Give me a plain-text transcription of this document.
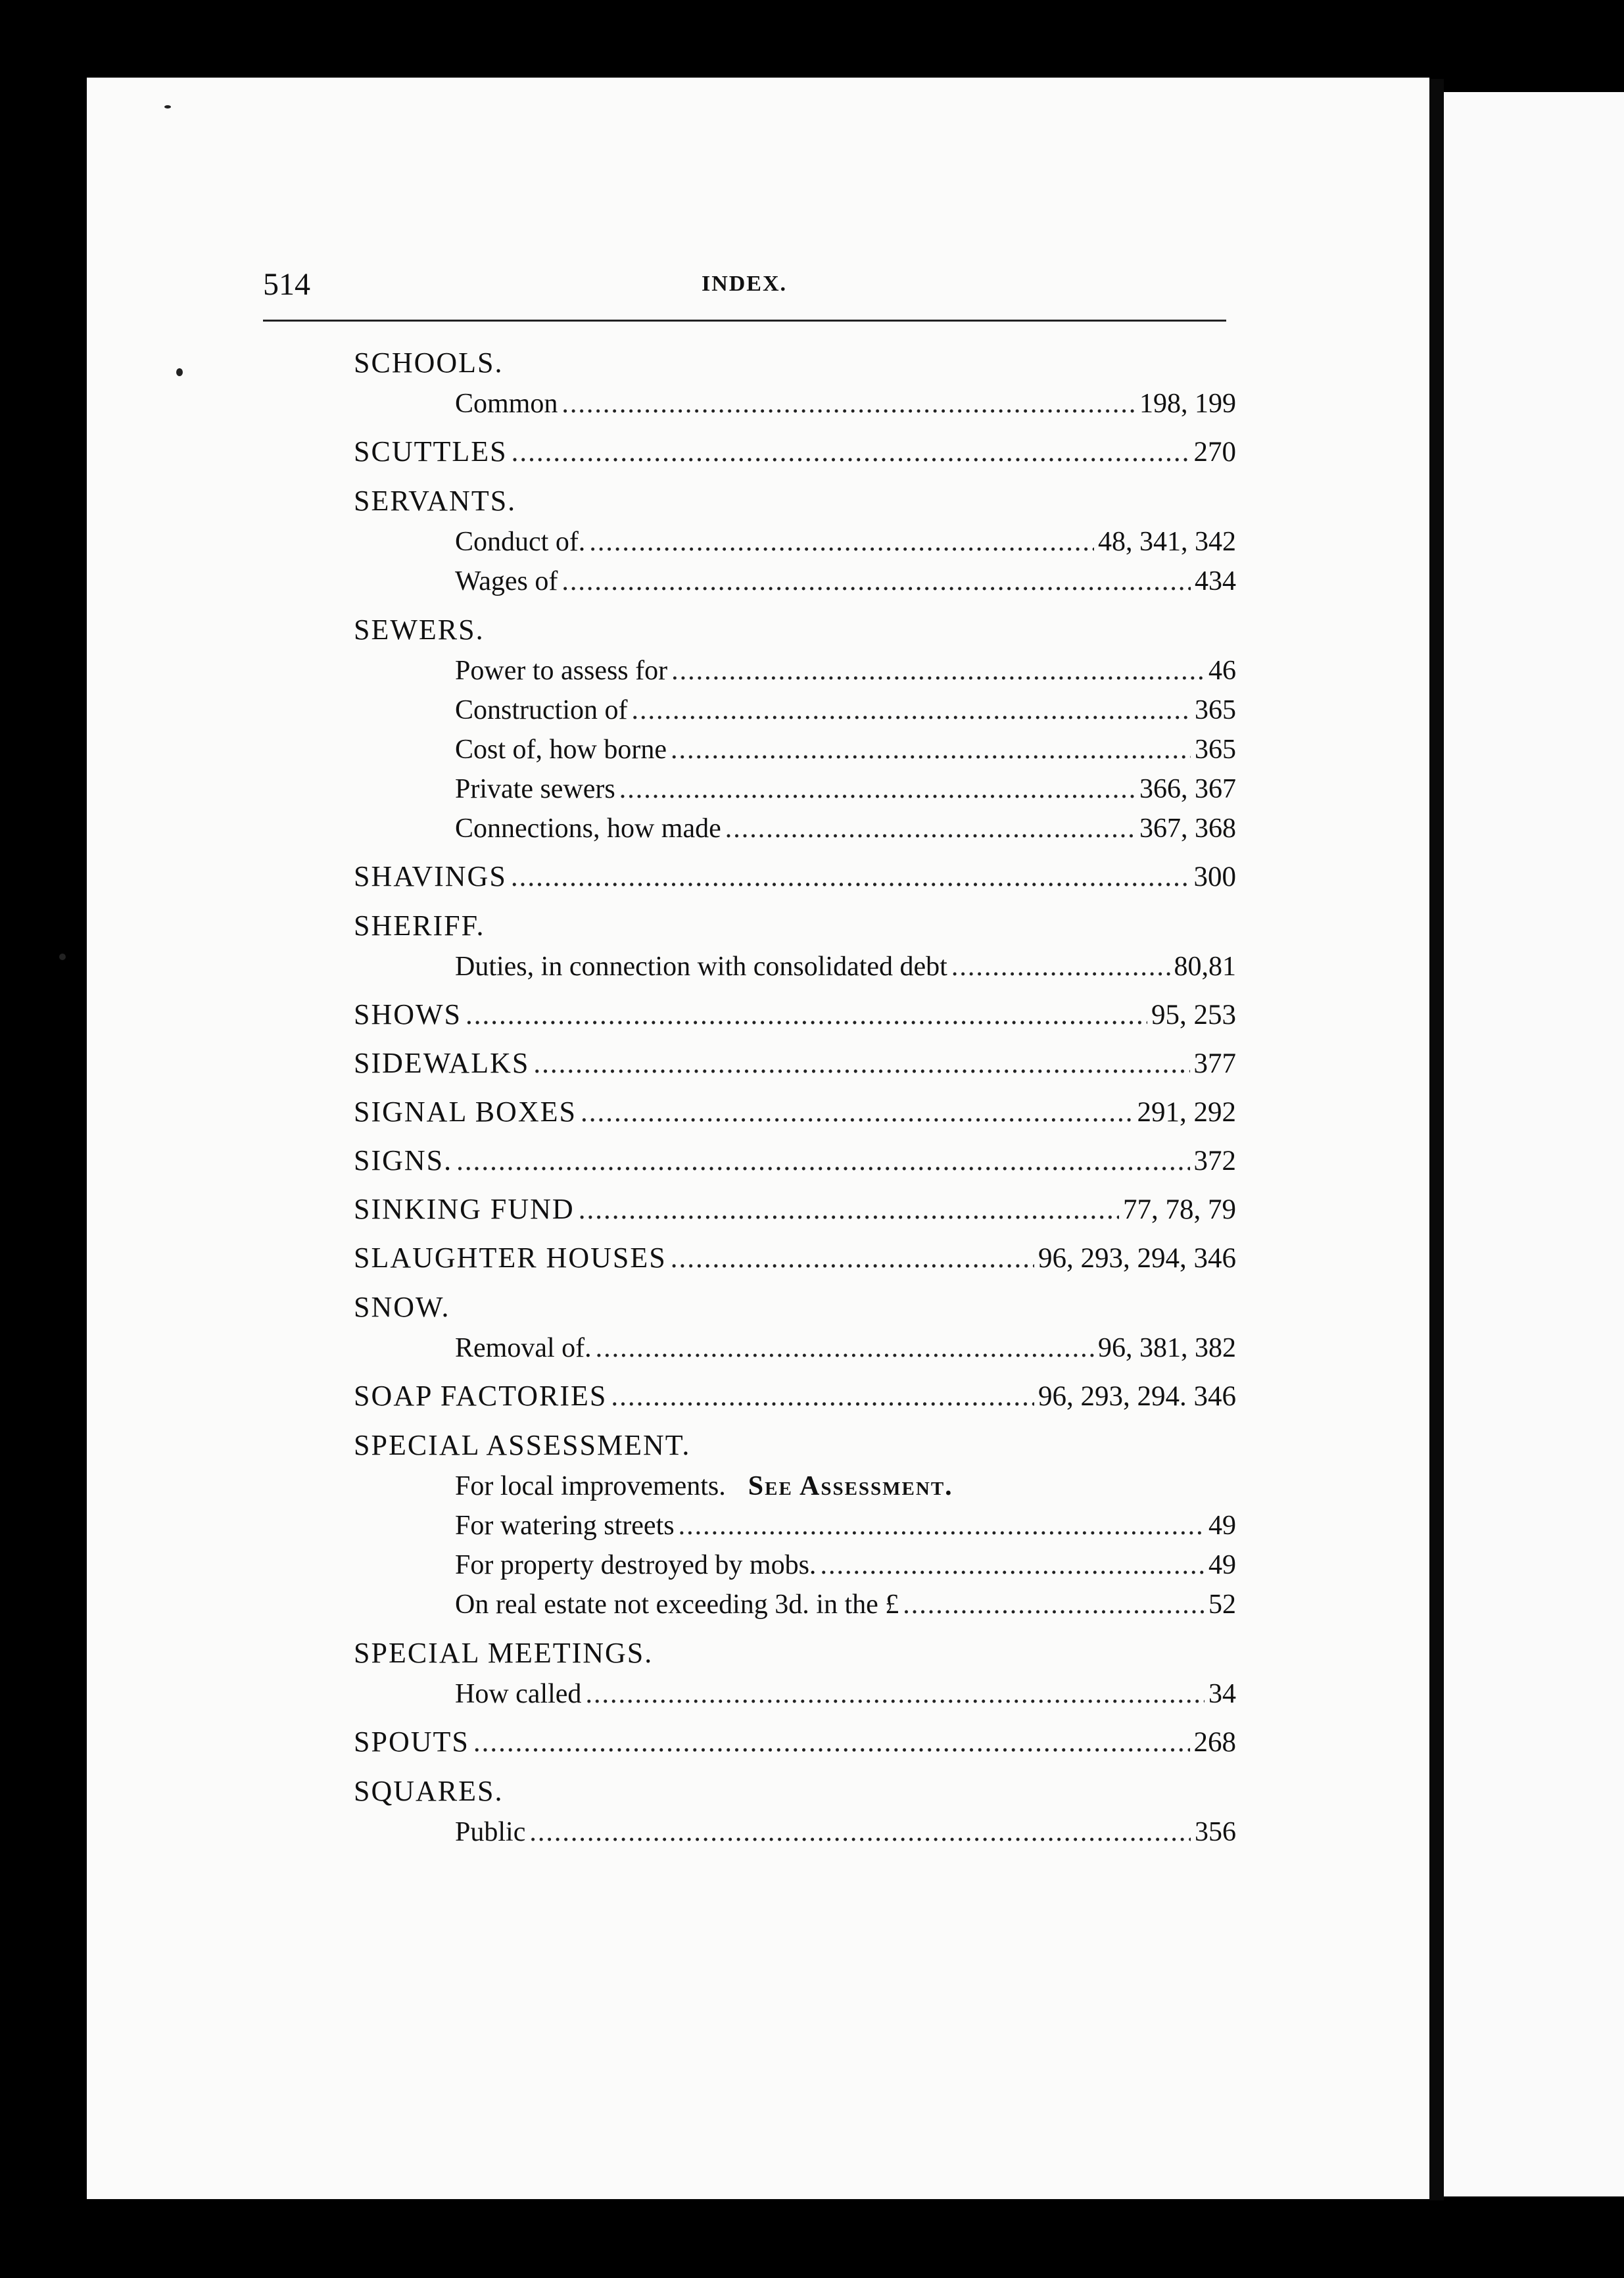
514	INDEX.
SCHOOLS.
Common .....	198, 199
SCUTTLES .....	270
SERVANTS.
Conduct of. .....	48, 341, 342
Wages of .....	434
SEWERS.
Power to assess for .....	46
Construction of .....	365
Cost of, how borne .....	365
Private sewers .....	366, 367
Connections, how made .....	367, 368
SHAVINGS .....	300
SHERIFF.
Duties, in connection with consolidated debt .....	80,81
SHOWS .....	95, 253
SIDEWALKS .....	377
SIGNAL BOXES .....	291, 292
SIGNS. .....	372
SINKING FUND .....	77, 78, 79
SLAUGHTER HOUSES .....	96, 293, 294, 346
SNOW.
Removal of. .....	96, 381, 382
SOAP FACTORIES .....	96, 293, 294. 346
SPECIAL ASSESSMENT.
For local improvements. See Assessment.
For watering streets .....	49
For property destroyed by mobs. .....	49
On real estate not exceeding 3d. in the £ .....	52
SPECIAL MEETINGS.
How called .....	34
SPOUTS .....	268
SQUARES.
Public .....	356
